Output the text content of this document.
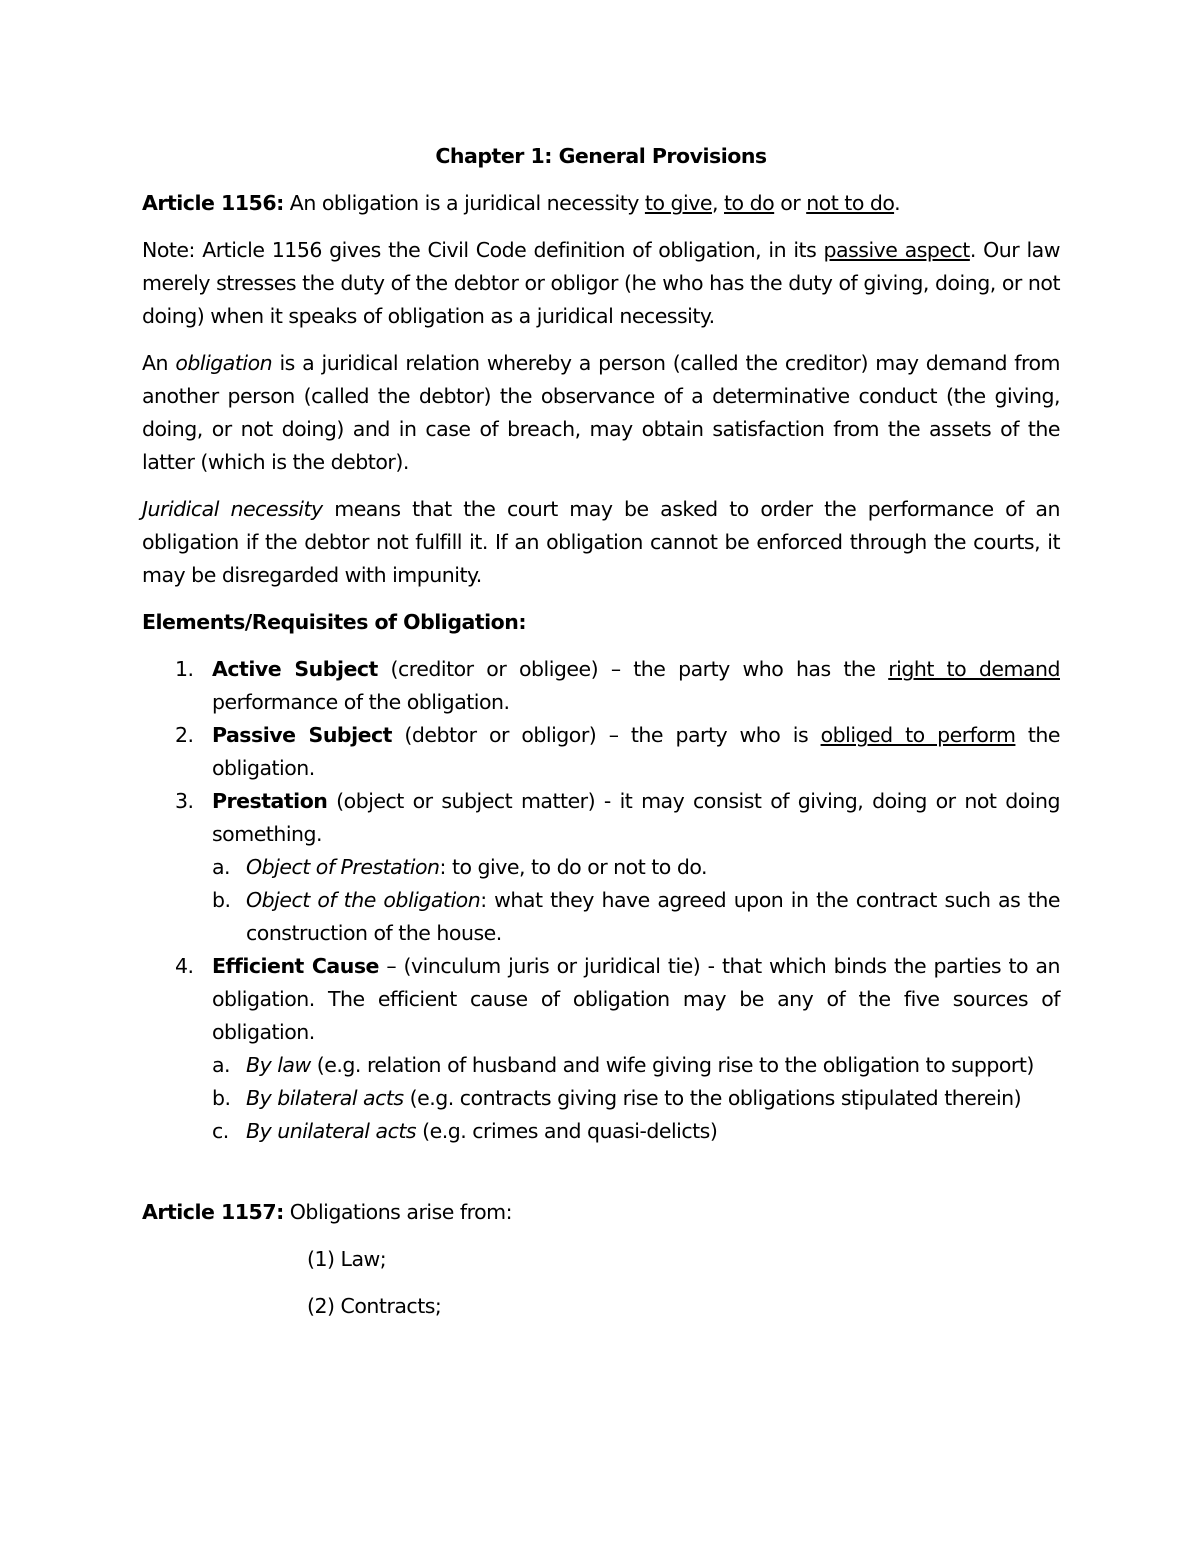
Chapter 1: General Provisions

Article 1156: An obligation is a juridical necessity to give, to do or not to do.

Note: Article 1156 gives the Civil Code definition of obligation, in its passive aspect. Our law merely stresses the duty of the debtor or obligor (he who has the duty of giving, doing, or not doing) when it speaks of obligation as a juridical necessity.

An obligation is a juridical relation whereby a person (called the creditor) may demand from another person (called the debtor) the observance of a determinative conduct (the giving, doing, or not doing) and in case of breach, may obtain satisfaction from the assets of the latter (which is the debtor).

Juridical necessity means that the court may be asked to order the performance of an obligation if the debtor not fulfill it. If an obligation cannot be enforced through the courts, it may be disregarded with impunity.

Elements/Requisites of Obligation:
1. Active Subject (creditor or obligee) – the party who has the right to demand performance of the obligation.
2. Passive Subject (debtor or obligor) – the party who is obliged to perform the obligation.
3. Prestation (object or subject matter) - it may consist of giving, doing or not doing something.
a. Object of Prestation: to give, to do or not to do.
b. Object of the obligation: what they have agreed upon in the contract such as the construction of the house.
4. Efficient Cause – (vinculum juris or juridical tie) - that which binds the parties to an obligation. The efficient cause of obligation may be any of the five sources of obligation.
a. By law (e.g. relation of husband and wife giving rise to the obligation to support)
b. By bilateral acts (e.g. contracts giving rise to the obligations stipulated therein)
c. By unilateral acts (e.g. crimes and quasi-delicts)

Article 1157: Obligations arise from:

(1) Law;

(2) Contracts;
